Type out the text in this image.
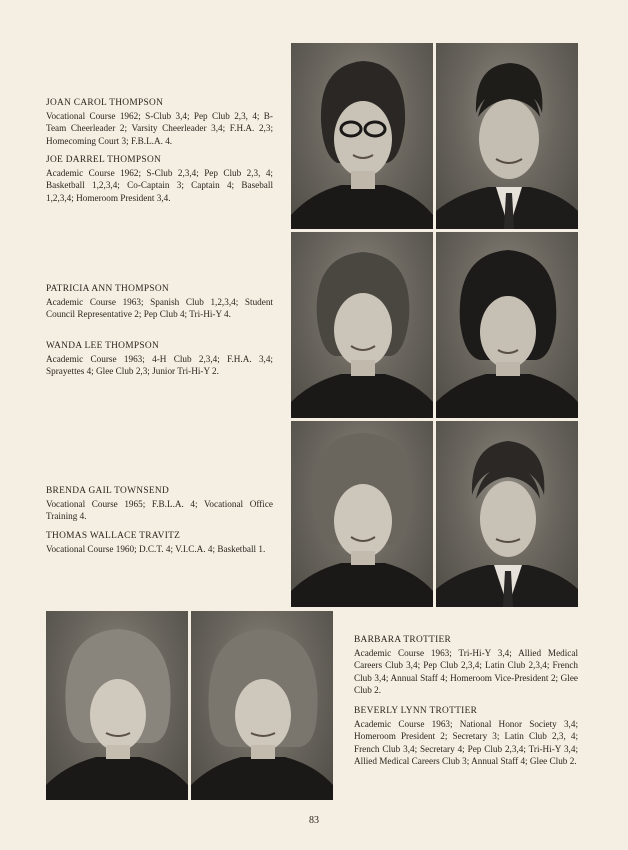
JOAN CAROL THOMPSON

Vocational Course 1962; S-Club 3,4; Pep Club 2,3, 4; B-Team Cheerleader 2; Varsity Cheerleader 3,4; F.H.A. 2,3; Homecoming Court 3; F.B.L.A. 4.

JOE DARREL THOMPSON

Academic Course 1962; S-Club 2,3,4; Pep Club 2,3, 4; Basketball 1,2,3,4; Co-Captain 3; Captain 4; Baseball 1,2,3,4; Homeroom President 3,4.

PATRICIA ANN THOMPSON

Academic Course 1963; Spanish Club 1,2,3,4; Student Council Representative 2; Pep Club 4; Tri-Hi-Y 4.

WANDA LEE THOMPSON

Academic Course 1963; 4-H Club 2,3,4; F.H.A. 3,4; Sprayettes 4; Glee Club 2,3; Junior Tri-Hi-Y 2.

BRENDA GAIL TOWNSEND

Vocational Course 1965; F.B.L.A. 4; Vocational Office Training 4.

THOMAS WALLACE TRAVITZ

Vocational Course 1960; D.C.T. 4; V.I.C.A. 4; Basketball 1.

BARBARA TROTTIER

Academic Course 1963; Tri-Hi-Y 3,4; Allied Medical Careers Club 3,4; Pep Club 2,3,4; Latin Club 2,3,4; French Club 3,4; Annual Staff 4; Homeroom Vice-President 2; Glee Club 2.

BEVERLY LYNN TROTTIER

Academic Course 1963; National Honor Society 3,4; Homeroom President 2; Secretary 3; Latin Club 2,3, 4; French Club 3,4; Secretary 4; Pep Club 2,3,4; Tri-Hi-Y 3,4; Allied Medical Careers Club 3; Annual Staff 4; Glee Club 2.

83
